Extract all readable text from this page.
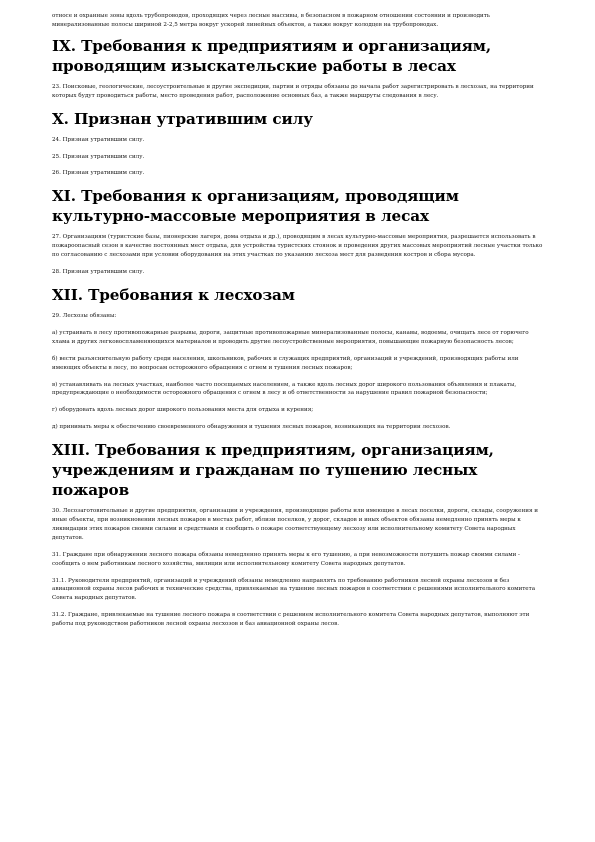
относе и охранные зоны вдоль трубопроводов, проходящих через лесные массивы, в безопасном в пожарном отношении состоянии и производить минерализованные полосы шириной 2-2,5 метра вокруг ускорей линейных объектов, а также вокруг колодцев на трубопроводах.

IX. Требования к предприятиям и организациям, проводящим изыскательские работы в лесах

23. Поисковые, геологические, лесоустроительные и другие экспедиции, партии и отряды обязаны до начала работ зарегистрировать в лесхозах, на территории которых будут проводиться работы, место проведения работ, расположение основных баз, а также маршруты следования в лесу.

X. Признан утратившим силу

24. Признан утратившим силу.

25. Признан утратившим силу.

26. Признан утратившим силу.

XI. Требования к организациям, проводящим культурно-массовые мероприятия в лесах

27. Организациям (туристские базы, пионерские лагеря, дома отдыха и др.), проводящим в лесах культурно-массовые мероприятия, разрешается использовать в пожароопасный сезон в качестве постоянных мест отдыха, для устройства туристских стоянок и проведения других массовых мероприятий лесные участки только по согласованию с лесхозами при условии оборудования на этих участках по указанию лесхоза мест для разведения костров и сбора мусора.

28. Признан утратившим силу.

XII. Требования к лесхозам

29. Лесхозы обязаны:

а) устраивать в лесу противопожарные разрывы, дороги, защитные противопожарные минерализованные полосы, канавы, водоемы, очищать лесе от горючего хлама и других легковоспламеняющихся материалов и проводить другие лесоустройственные мероприятия, повышающие пожарную безопасность лесов;

б) вести разъяснительную работу среди населения, школьников, рабочих и служащих предприятий, организаций и учреждений, производящих работы или имеющих объекты в лесу, по вопросам осторожного обращения с огнем и тушения лесных пожаров;

в) устанавливать на лесных участках, наиболее часто посещаемых населением, а также вдоль лесных дорог широкого пользования объявления и плакаты, предупреждающие о необходимости осторожного обращения с огнем в лесу и об ответственности за нарушение правил пожарной безопасности;

г) оборудовать вдоль лесных дорог широкого пользования места для отдыха и курения;

д) принимать меры к обеспечению своевременного обнаружения и тушения лесных пожаров, возникающих на территории лесхозов.

XIII. Требования к предприятиям, организациям, учреждениям и гражданам по тушению лесных пожаров

30. Лесозаготовительные и другие предприятия, организации и учреждения, производящие работы или имеющие в лесах поселки, дороги, склады, сооружения и иные объекты, при возникновении лесных пожаров в местах работ, вблизи поселков, у дорог, складов и иных объектов обязаны немедленно принять меры к ликвидации этих пожаров своими силами и средствами и сообщить о пожаре соответствующему лесхозу или исполнительному комитету Совета народных депутатов.

31. Граждане при обнаружении лесного пожара обязаны немедленно принять меры к его тушению, а при невозможности потушить пожар своими силами - сообщить о нем работникам лесного хозяйства, милиции или исполнительному комитету Совета народных депутатов.

31.1. Руководители предприятий, организаций и учреждений обязаны немедленно направлять по требованию работников лесной охраны лесхозов и без авиационной охраны лесов рабочих и технические средства, привлекаемые на тушение лесных пожаров в соответствии с решениями исполнительного комитета Совета народных депутатов.

31.2. Граждане, привлекаемые на тушение лесного пожара в соответствии с решением исполнительного комитета Совета народных депутатов, выполняют эти работы под руководством работников лесной охраны лесхозов и баз авиационной охраны лесов.
